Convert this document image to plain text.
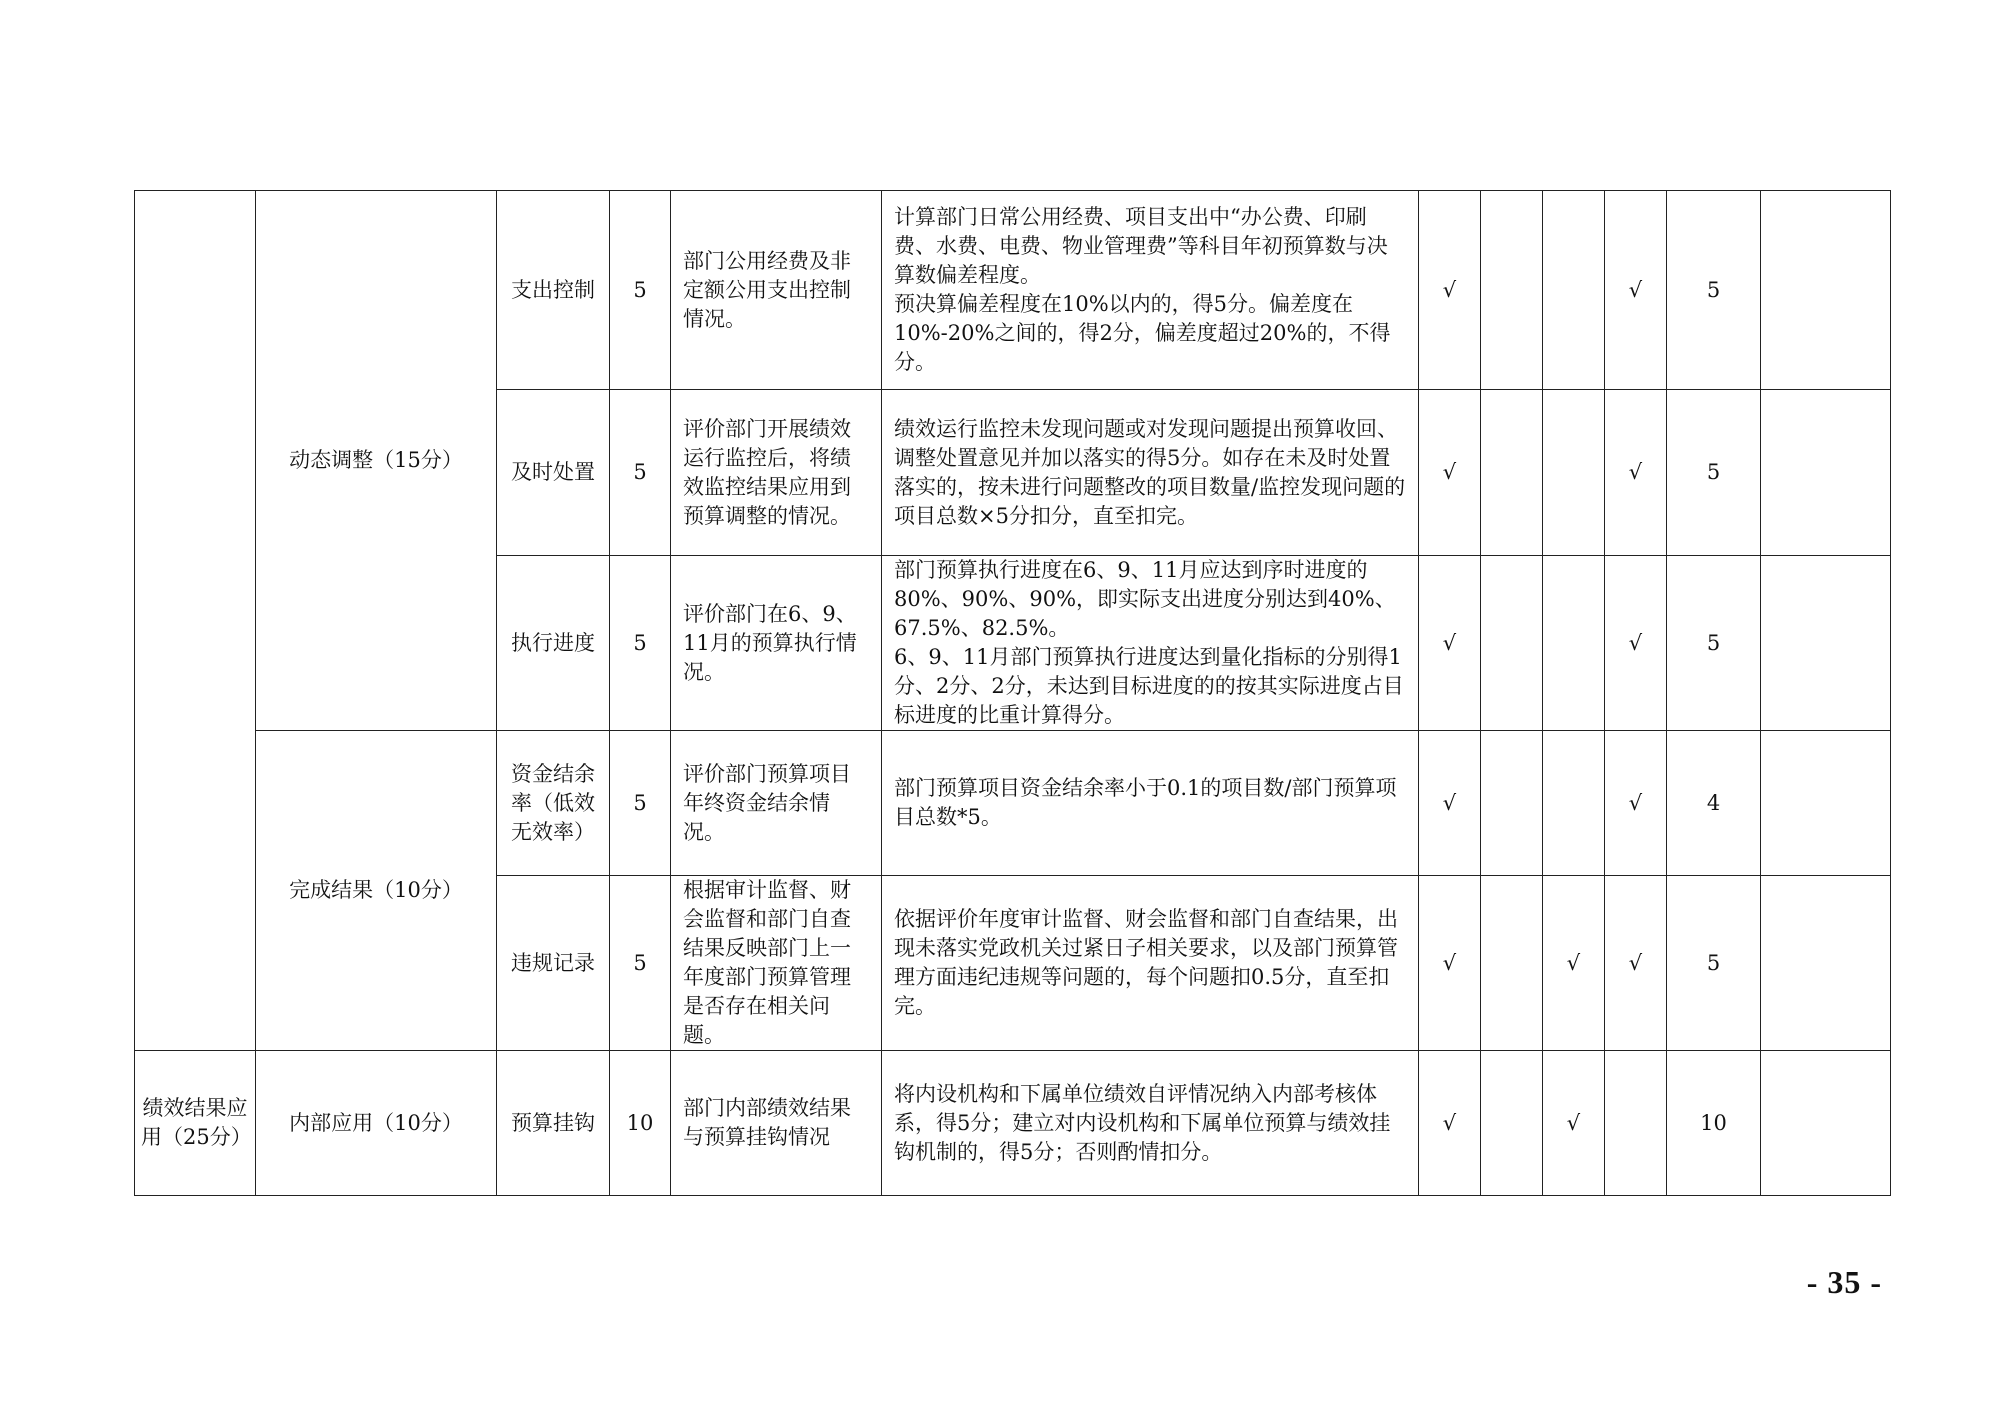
	动态调整（15分）	支出控制	5	部门公用经费及非定额公用支出控制情况。	计算部门日常公用经费、项目支出中“办公费、印刷费、水费、电费、物业管理费”等科目年初预算数与决算数偏差程度。
预决算偏差程度在10%以内的，得5分。偏差度在10%-20%之间的，得2分，偏差度超过20%的，不得分。	√			√	5	
		及时处置	5	评价部门开展绩效运行监控后，将绩效监控结果应用到预算调整的情况。	绩效运行监控未发现问题或对发现问题提出预算收回、调整处置意见并加以落实的得5分。如存在未及时处置落实的，按未进行问题整改的项目数量/监控发现问题的项目总数×5分扣分，直至扣完。	√			√	5	
		执行进度	5	评价部门在6、9、11月的预算执行情况。	部门预算执行进度在6、9、11月应达到序时进度的80%、90%、90%，即实际支出进度分别达到40%、67.5%、82.5%。
6、9、11月部门预算执行进度达到量化指标的分别得1分、2分、2分，未达到目标进度的的按其实际进度占目标进度的比重计算得分。	√			√	5	
	完成结果（10分）	资金结余率（低效无效率）	5	评价部门预算项目年终资金结余情况。	部门预算项目资金结余率小于0.1的项目数/部门预算项目总数*5。	√			√	4	
		违规记录	5	根据审计监督、财会监督和部门自查结果反映部门上一年度部门预算管理是否存在相关问题。	依据评价年度审计监督、财会监督和部门自查结果，出现未落实党政机关过紧日子相关要求，以及部门预算管理方面违纪违规等问题的，每个问题扣0.5分，直至扣完。	√		√	√	5	
绩效结果应用（25分）	内部应用（10分）	预算挂钩	10	部门内部绩效结果与预算挂钩情况	将内设机构和下属单位绩效自评情况纳入内部考核体系，得5分；建立对内设机构和下属单位预算与绩效挂钩机制的，得5分；否则酌情扣分。	√		√		10	
- 35 -
